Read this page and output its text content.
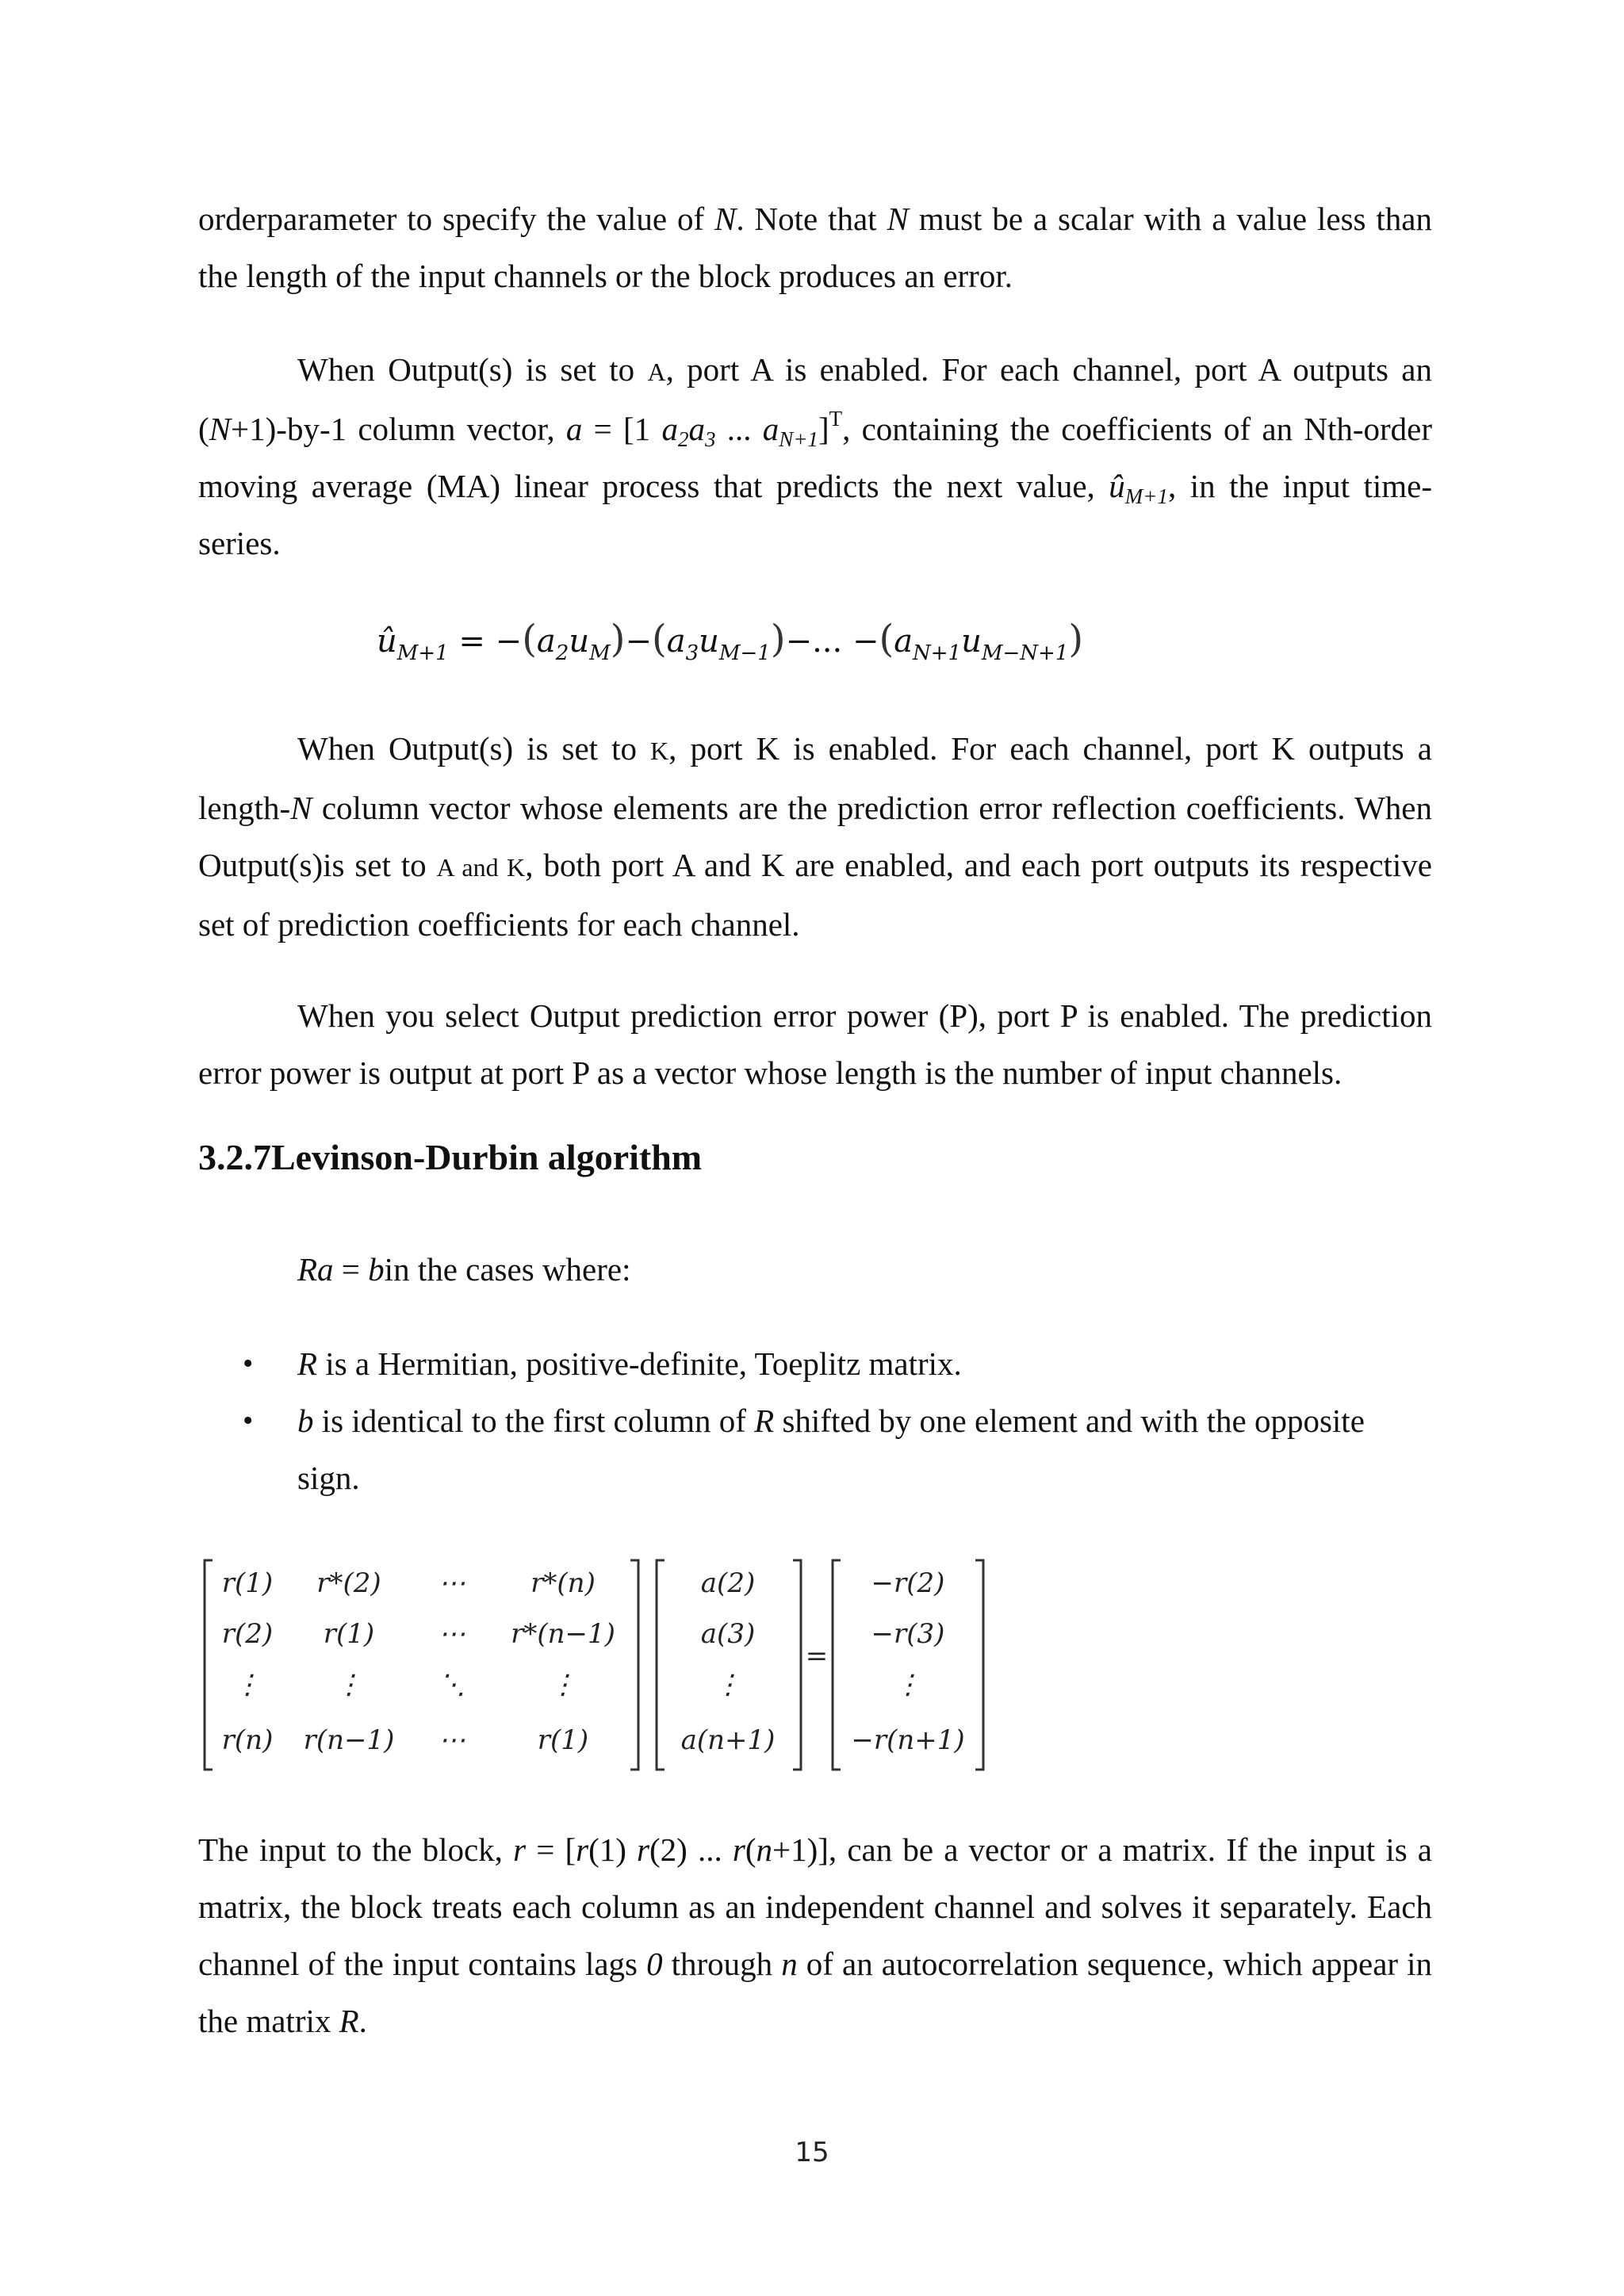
orderparameter to specify the value of N. Note that N must be a scalar with a value less than the length of the input channels or the block produces an error.

When Output(s) is set to A, port A is enabled. For each channel, port A outputs an (N+1)-by-1 column vector, a = [1 $a_2a_3$ ... $a_{N+1}]^T$, containing the coefficients of an Nth-order moving average (MA) linear process that predicts the next value, $û_{M+1}$, in the input time-series.

$û_{M+1} = -(a_2u_M)-(a_3u_{M-1})-$... $-(a_{N+1}u_{M-N+1})$

When Output(s) is set to K, port K is enabled. For each channel, port K outputs a length-N column vector whose elements are the prediction error reflection coefficients. When Output(s)is set to A and K, both port A and K are enabled, and each port outputs its respective set of prediction coefficients for each channel.

When you select Output prediction error power (P), port P is enabled. The prediction error power is output at port P as a vector whose length is the number of input channels.

3.2.7Levinson-Durbin algorithm

Ra = bin the cases where:

• R is a Hermitian, positive-definite, Toeplitz matrix.
• b is identical to the first column of R shifted by one element and with the opposite sign.
r(1) r*(2) ⋯ r*(n)
r(2) r(1) ⋯ r*(n−1)
⋮	⋮	⋱	⋮
r(n) r(n−1) ⋯	r(1)
a(2)
a(3)
⋮
a(n+1)
−r(2)
−r(3)
⋮
−r(n+1)
=

The input to the block, r = [r(1) r(2) ... r(n+1)], can be a vector or a matrix. If the input is a matrix, the block treats each column as an independent channel and solves it separately. Each channel of the input contains lags 0 through n of an autocorrelation sequence, which appear in the matrix R.

15
